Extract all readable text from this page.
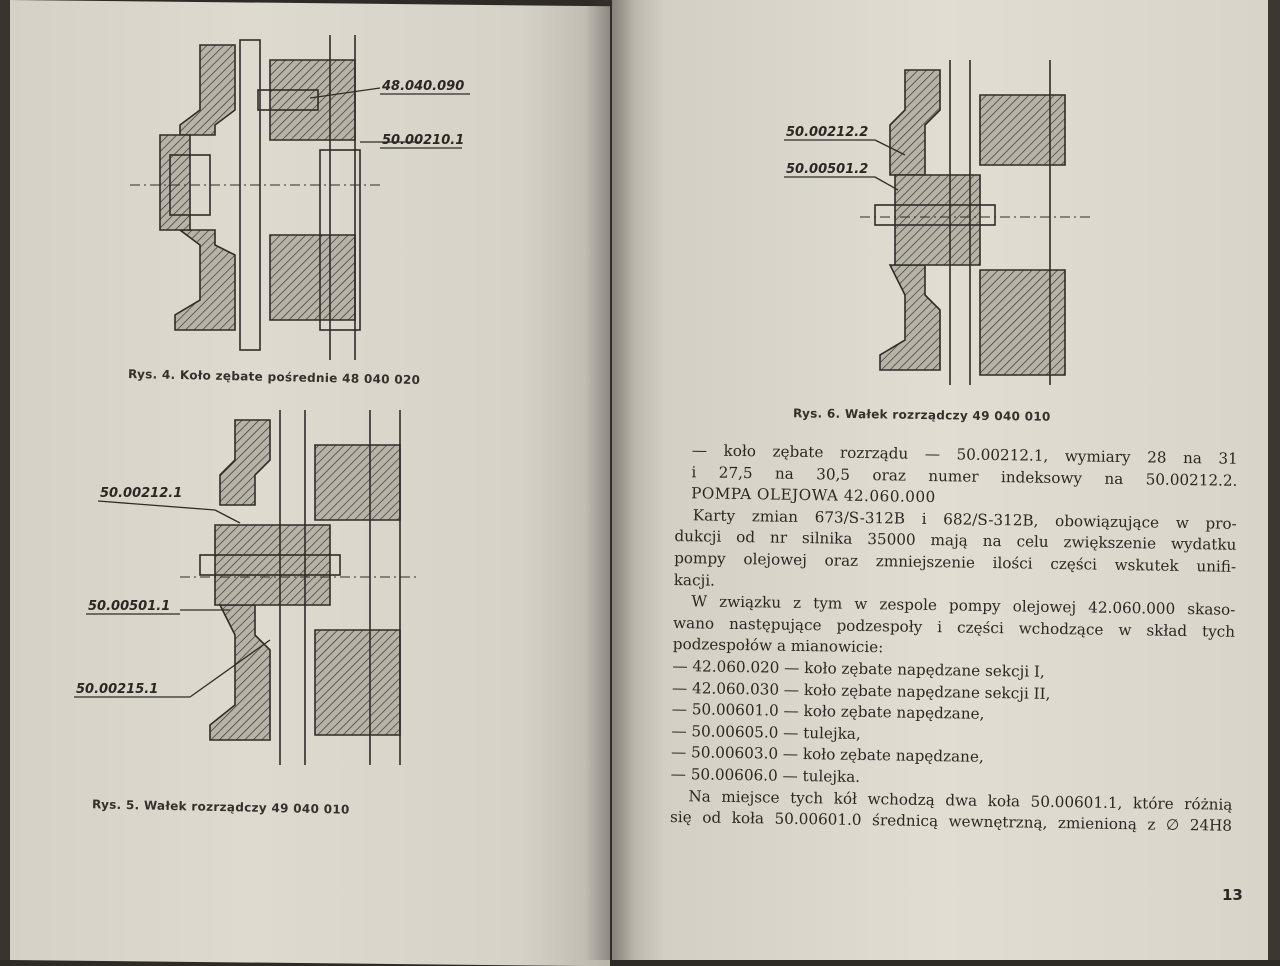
48.040.090
50.00210.1
Rys. 4. Koło zębate pośrednie 48 040 020
50.00212.1
50.00501.1
50.00215.1
Rys. 5. Wałek rozrządczy 49 040 010
50.00212.2
50.00501.2
Rys. 6. Wałek rozrządczy 49 040 010

— koło zębate rozrządu — 50.00212.1, wymiary 28 na 31

i 27,5 na 30,5 oraz numer indeksowy na 50.00212.2.

POMPA OLEJOWA 42.060.000

Karty zmian 673/S-312B i 682/S-312B, obowiązujące w pro-

dukcji od nr silnika 35000 mają na celu zwiększenie wydatku

pompy olejowej oraz zmniejszenie ilości części wskutek unifi-

kacji.

W związku z tym w zespole pompy olejowej 42.060.000 skaso-

wano następujące podzespoły i części wchodzące w skład tych

podzespołów a mianowicie:

— 42.060.020 — koło zębate napędzane sekcji I,

— 42.060.030 — koło zębate napędzane sekcji II,

— 50.00601.0 — koło zębate napędzane,

— 50.00605.0 — tulejka,

— 50.00603.0 — koło zębate napędzane,

— 50.00606.0 — tulejka.

Na miejsce tych kół wchodzą dwa koła 50.00601.1, które różnią

się od koła 50.00601.0 średnicą wewnętrzną, zmienioną z ∅ 24H8

13
